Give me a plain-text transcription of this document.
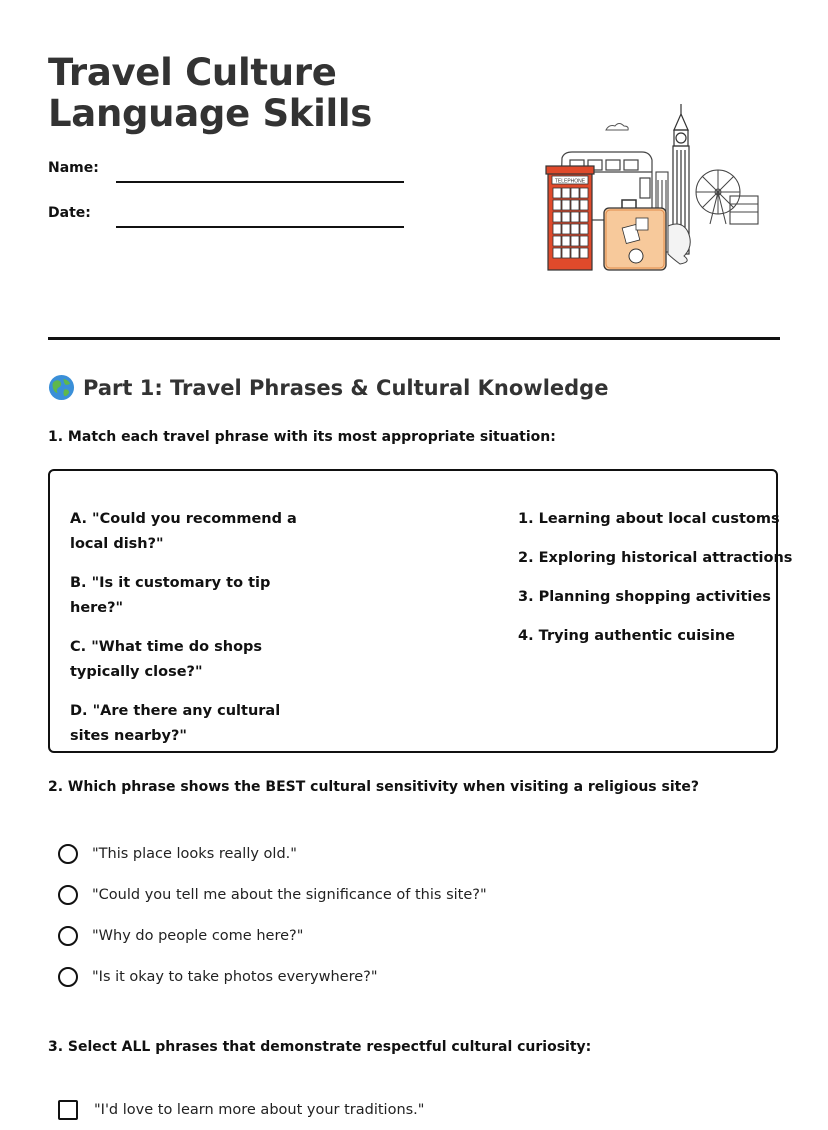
Travel Culture Language Skills
Name:
Date:
TELEPHONE
Part 1: Travel Phrases & Cultural Knowledge
1. Match each travel phrase with its most appropriate situation:
A. "Could you recommend a local dish?"
B. "Is it customary to tip here?"
C. "What time do shops typically close?"
D. "Are there any cultural sites nearby?"
1. Learning about local customs
2. Exploring historical attractions
3. Planning shopping activities
4. Trying authentic cuisine
2. Which phrase shows the BEST cultural sensitivity when visiting a religious site?
"This place looks really old."
"Could you tell me about the significance of this site?"
"Why do people come here?"
"Is it okay to take photos everywhere?"
3. Select ALL phrases that demonstrate respectful cultural curiosity:
"I'd love to learn more about your traditions."
